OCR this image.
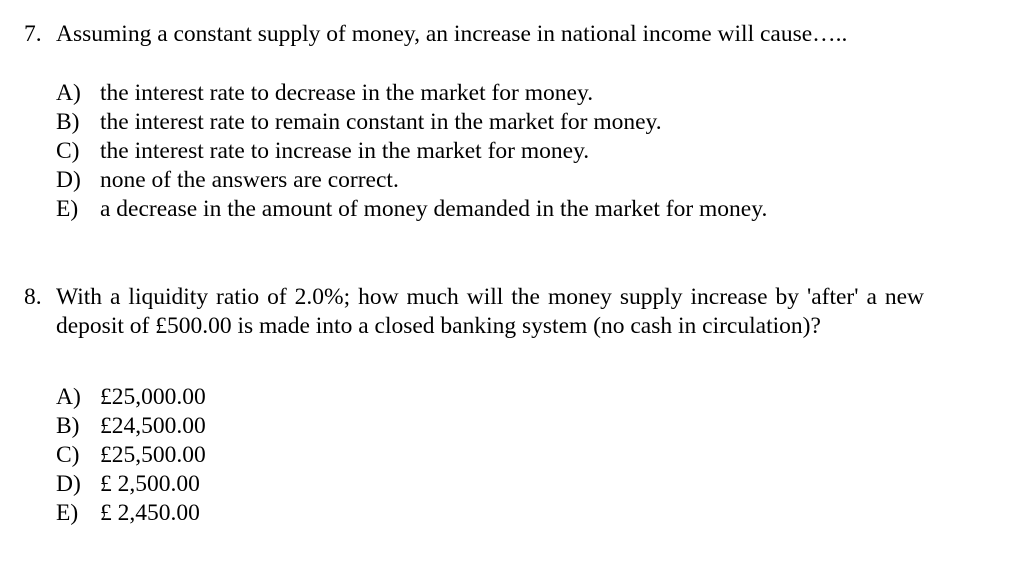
7. Assuming a constant supply of money, an increase in national income will cause…..
A) the interest rate to decrease in the market for money.
B) the interest rate to remain constant in the market for money.
C) the interest rate to increase in the market for money.
D) none of the answers are correct.
E) a decrease in the amount of money demanded in the market for money.
8. With a liquidity ratio of 2.0%; how much will the money supply increase by 'after' a new deposit of £500.00 is made into a closed banking system (no cash in circulation)?
A) £25,000.00
B) £24,500.00
C) £25,500.00
D) £ 2,500.00
E) £ 2,450.00
